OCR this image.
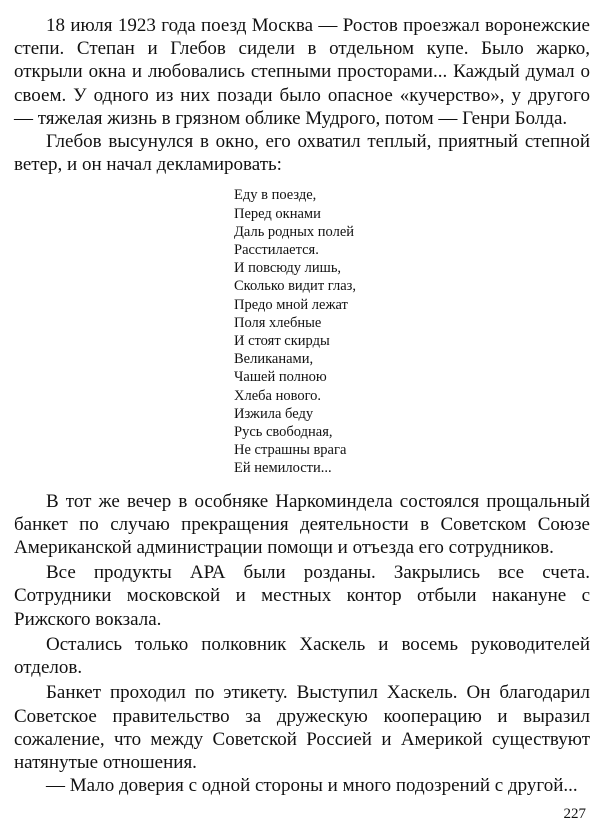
18 июля 1923 года поезд Москва — Ростов проезжал воронежские степи. Степан и Глебов сидели в отдельном купе. Было жарко, открыли окна и любовались степными просторами... Каждый думал о своем. У одного из них позади было опасное «кучерство», у другого — тяжелая жизнь в грязном облике Мудрого, потом — Генри Болда.

Глебов высунулся в окно, его охватил теплый, приятный степной ветер, и он начал декламировать:

Еду в поезде,
Перед окнами
Даль родных полей
Расстилается.
И повсюду лишь,
Сколько видит глаз,
Предо мной лежат
Поля хлебные
И стоят скирды
Великанами,
Чашей полною
Хлеба нового.
Изжила беду
Русь свободная,
Не страшны врага
Ей немилости...

В тот же вечер в особняке Наркоминдела состоялся прощальный банкет по случаю прекращения деятельности в Советском Союзе Американской администрации помощи и отъезда его сотрудников.

Все продукты АРА были розданы. Закрылись все счета. Сотрудники московской и местных контор отбыли накануне с Рижского вокзала.

Остались только полковник Хаскель и восемь руководителей отделов.

Банкет проходил по этикету. Выступил Хаскель. Он благодарил Советское правительство за дружескую кооперацию и выразил сожаление, что между Советской Россией и Америкой существуют натянутые отношения.

— Мало доверия с одной стороны и много подозрений с другой...

227
